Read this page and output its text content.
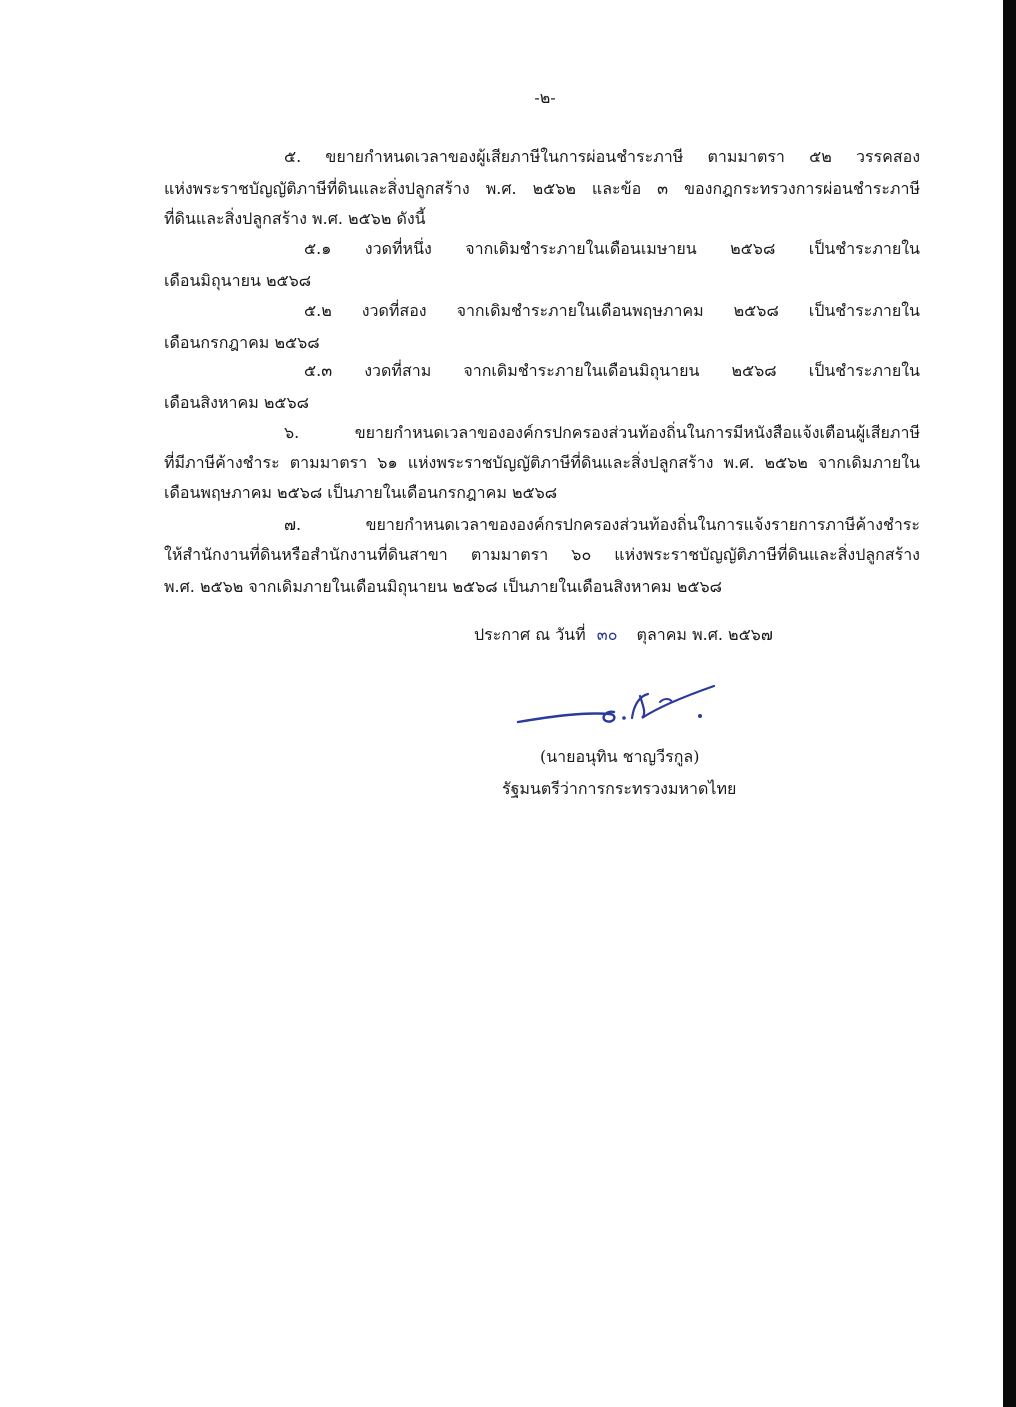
-๒-
๕. ขยายกำหนดเวลาของผู้เสียภาษีในการผ่อนชำระภาษี ตามมาตรา ๕๒ วรรคสอง
แห่งพระราชบัญญัติภาษีที่ดินและสิ่งปลูกสร้าง พ.ศ. ๒๕๖๒ และข้อ ๓ ของกฎกระทรวงการผ่อนชำระภาษี
ที่ดินและสิ่งปลูกสร้าง พ.ศ. ๒๕๖๒ ดังนี้
๕.๑ งวดที่หนึ่ง จากเดิมชำระภายในเดือนเมษายน ๒๕๖๘ เป็นชำระภายใน
เดือนมิถุนายน ๒๕๖๘
๕.๒ งวดที่สอง จากเดิมชำระภายในเดือนพฤษภาคม ๒๕๖๘ เป็นชำระภายใน
เดือนกรกฎาคม ๒๕๖๘
๕.๓ งวดที่สาม จากเดิมชำระภายในเดือนมิถุนายน ๒๕๖๘ เป็นชำระภายใน
เดือนสิงหาคม ๒๕๖๘
๖. ขยายกำหนดเวลาขององค์กรปกครองส่วนท้องถิ่นในการมีหนังสือแจ้งเตือนผู้เสียภาษี
ที่มีภาษีค้างชำระ ตามมาตรา ๖๑ แห่งพระราชบัญญัติภาษีที่ดินและสิ่งปลูกสร้าง พ.ศ. ๒๕๖๒ จากเดิมภายใน
เดือนพฤษภาคม ๒๕๖๘ เป็นภายในเดือนกรกฎาคม ๒๕๖๘
๗. ขยายกำหนดเวลาขององค์กรปกครองส่วนท้องถิ่นในการแจ้งรายการภาษีค้างชำระ
ให้สำนักงานที่ดินหรือสำนักงานที่ดินสาขา ตามมาตรา ๖๐ แห่งพระราชบัญญัติภาษีที่ดินและสิ่งปลูกสร้าง
พ.ศ. ๒๕๖๒ จากเดิมภายในเดือนมิถุนายน ๒๕๖๘ เป็นภายในเดือนสิงหาคม ๒๕๖๘
ประกาศ ณ วันที่ ๓๐ ตุลาคม พ.ศ. ๒๕๖๗
(นายอนุทิน ชาญวีรกูล)
รัฐมนตรีว่าการกระทรวงมหาดไทย
